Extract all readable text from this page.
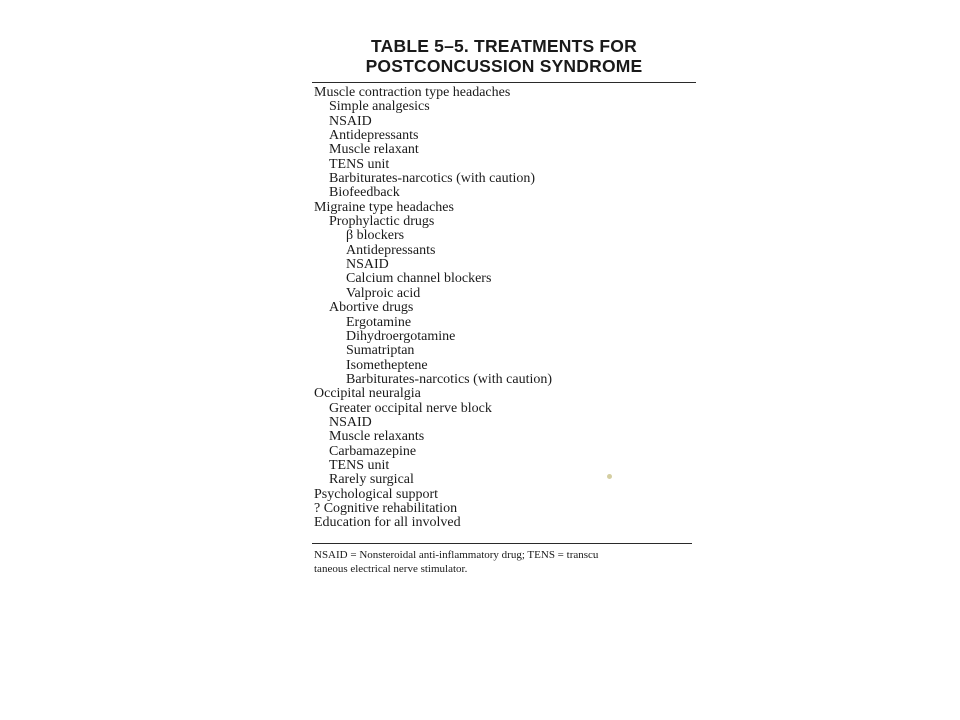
TABLE 5–5. TREATMENTS FOR
POSTCONCUSSION SYNDROME
Muscle contraction type headaches
Simple analgesics
NSAID
Antidepressants
Muscle relaxant
TENS unit
Barbiturates-narcotics (with caution)
Biofeedback
Migraine type headaches
Prophylactic drugs
β blockers
Antidepressants
NSAID
Calcium channel blockers
Valproic acid
Abortive drugs
Ergotamine
Dihydroergotamine
Sumatriptan
Isometheptene
Barbiturates-narcotics (with caution)
Occipital neuralgia
Greater occipital nerve block
NSAID
Muscle relaxants
Carbamazepine
TENS unit
Rarely surgical
Psychological support
? Cognitive rehabilitation
Education for all involved
NSAID = Nonsteroidal anti-inflammatory drug; TENS = transcu
taneous electrical nerve stimulator.
